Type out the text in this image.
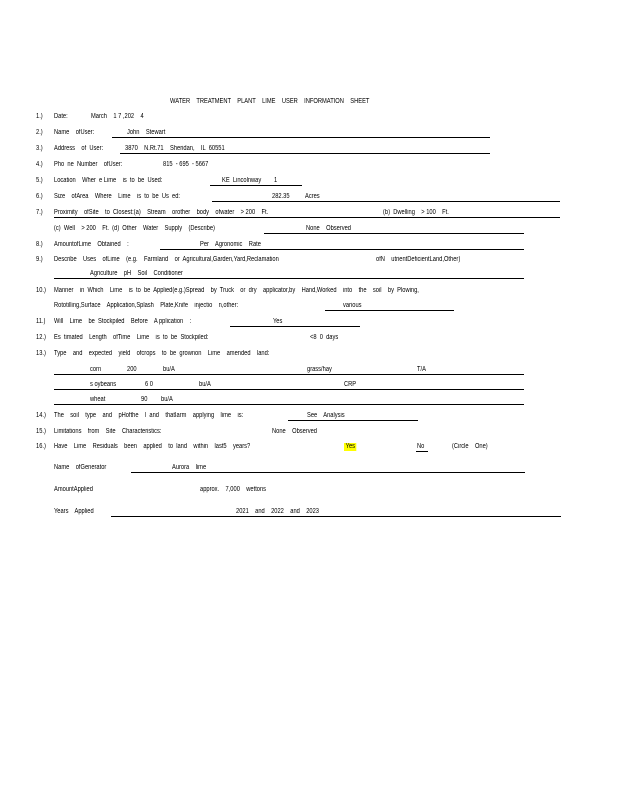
WATER    TREATMENT    PLANT    LIME    USER    INFORMATION    SHEET
1.) Date:	March    1 7 ,202    4
2.) Name    ofUser:	John    Stewart
3.) Address    of  User:	3870    N.Rt.71    Sheridan,    IL  60551
4.) Pho  ne  Number    ofUser:	815  - 695  - 5667
5.) Location    Wher  e Lime    is  to  be  Used:	KE  Lincolnway        1
6.) Size    ofArea    Where    Lime    is  to  be  Us  ed:	282.35 Acres
7.) Proximity    ofSite    to  Closest:(a)    Stream    orother    body    ofwater    > 200    Ft.	(b)  Dwelling    > 100    Ft.
(c)  Well    > 200    Ft.  (d)  Other    Water    Supply    (Describe)	None    Observed
8.) AmountofLime    Obtained    :	Per    Agronomic    Rate
9.) Describe    Uses    ofLime    (e.g.    Farmland    or  Agricultural,Garden,Yard,Reclamation	ofN    utrientDeficientLand,Other)
Agriculture    pH    Soil    Conditioner
10.) Manner    in  Which    Lime    is  to  be  Applied(e.g.)Spread    by  Truck    or  dry    applicator,by    Hand,Worked    into    the    soil    by  Plowing,
Rototilling,Surface    Application,Splash    Plate,Knife    injectio    n,other:	various
11.) Will    Lime    be  Stockpiled    Before    A pplication    :	Yes
12.) Es  timated    Length    ofTime    Lime    is  to  be  Stockpiled:	<8  0  days
13.) Type    and    expected    yield    ofcrops    to  be  grownon    Lime    amended    land:
corn	200	bu/A	grass/hay	T/A
s oybeans	6 0	bu/A	CRP
wheat	90 bu/A
14.) The    soil    type    and    pHofthe    l  and    thatIarm    applying    lime    is:	See    Analysis
15.) Limitations    from    Site    Characteristics:	None    Observed
16.) Have    Lime    Residuals    been    applied    to  land    within    last5    years?	Yes	No	(Circle    One)
Name    ofGenerator	Aurora    lime
AmountApplied	approx.    7,000    wettons
Years    Applied	2021    and    2022    and    2023
